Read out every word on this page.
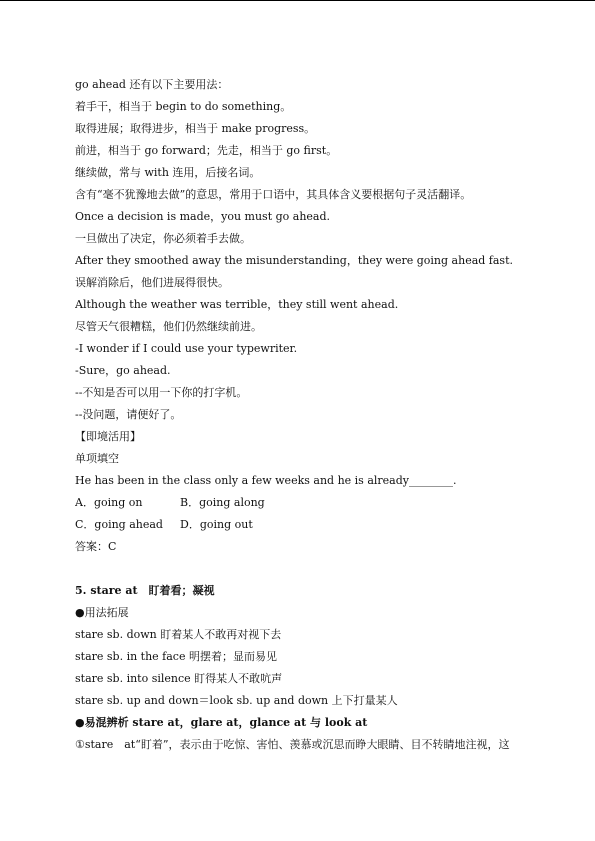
go ahead 还有以下主要用法：
着手干，相当于 begin to do something。
取得进展；取得进步，相当于 make progress。
前进，相当于 go forward；先走，相当于 go first。
继续做，常与 with 连用，后接名词。
含有“毫不犹豫地去做”的意思，常用于口语中，其具体含义要根据句子灵活翻译。
Once a decision is made，you must go ahead.
一旦做出了决定，你必须着手去做。
After they smoothed away the misunderstanding，they were going ahead fast.
误解消除后，他们进展得很快。
Although the weather was terrible，they still went ahead.
尽管天气很糟糕，他们仍然继续前进。
-I wonder if I could use your typewriter.
-Sure，go ahead.
--不知是否可以用一下你的打字机。
--没问题，请便好了。
【即境活用】
单项填空
He has been in the class only a few weeks and he is already________.
A．going on	B．going along
C．going ahead D．going out
答案：C
5. stare at　盯着看；凝视
●用法拓展
stare sb. down 盯着某人不敢再对视下去
stare sb. in the face 明摆着；显而易见
stare sb. into silence 盯得某人不敢吭声
stare sb. up and down＝look sb. up and down 上下打量某人
●易混辨析 stare at，glare at，glance at 与 look at
①stare　at“盯着”，表示由于吃惊、害怕、羡慕或沉思而睁大眼睛、目不转睛地注视，这
